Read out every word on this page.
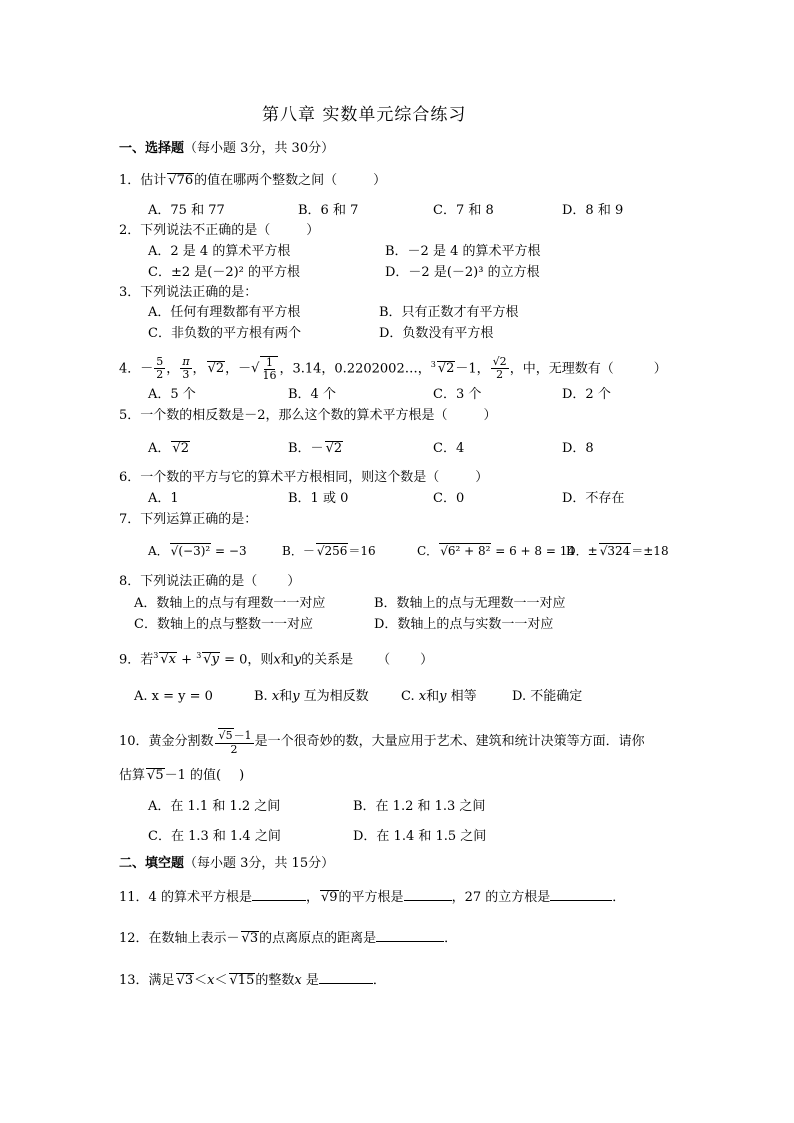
第八章 实数单元综合练习
一、选择题（每小题 3分，共 30分）
1．估计 √ 76的值在哪两个整数之间（	）
A．75 和 77	B．6 和 7	C．7 和 8	D．8 和 9
2．下列说法不正确的是（	）
A．2 是 4 的算术平方根	B．－2 是 4 的算术平方根
C．±2 是(－2)² 的平方根	D．－2 是(－2)³ 的立方根
3．下列说法正确的是：
A．任何有理数都有平方根	B．只有正数才有平方根
C．非负数的平方根有两个	D．负数没有平方根
4．－ $\frac{5}{2}$ ， $\frac{\pi}{3}$ ， √ 2，－ √ $\frac{1}{16}$ ，3.14，0.2202002…，$^3$ √ 2－1， $\frac{√2}{2}$ ，中，无理数有（	）
A．5 个	B．4 个	C．3 个	D．2 个
5．一个数的相反数是－2，那么这个数的算术平方根是（	）
A． √ 2	B．－ √ 2	C．4	D．8
6．一个数的平方与它的算术平方根相同，则这个数是（	）
A．1	B．1 或 0	C．0	D．不存在
7．下列运算正确的是：
A． √ (−3)² = −3	B．－ √ 256＝16	C． √ 6² + 8² = 6 + 8 = 14
D．± √ 324＝±18
8．下列说法正确的是（ ）
A．数轴上的点与有理数一一对应	B．数轴上的点与无理数一一对应
C．数轴上的点与整数一一对应	D．数轴上的点与实数一一对应
9．若$^3$ √ x + $^3$ √ y = 0，则x和y的关系是 （ ）
A. x = y = 0	B. x和y 互为相反数 C. x和y 相等	D. 不能确定
10．黄金分割数 √ $\frac{5-1}{2}$ 是一个很奇妙的数，大量应用于艺术、建筑和统计决策等方面．请你
估算 √ 5－1 的值( )
A．在 1.1 和 1.2 之间	B．在 1.2 和 1.3 之间
C．在 1.3 和 1.4 之间	D．在 1.4 和 1.5 之间
二、填空题（每小题 3分，共 15分）
11．4 的算术平方根是	， √ 9的平方根是	，27 的立方根是	．
12．在数轴上表示－ √ 3的点离原点的距离是	．
13．满足 √ 3＜x＜ √ 15的整数x 是	．
